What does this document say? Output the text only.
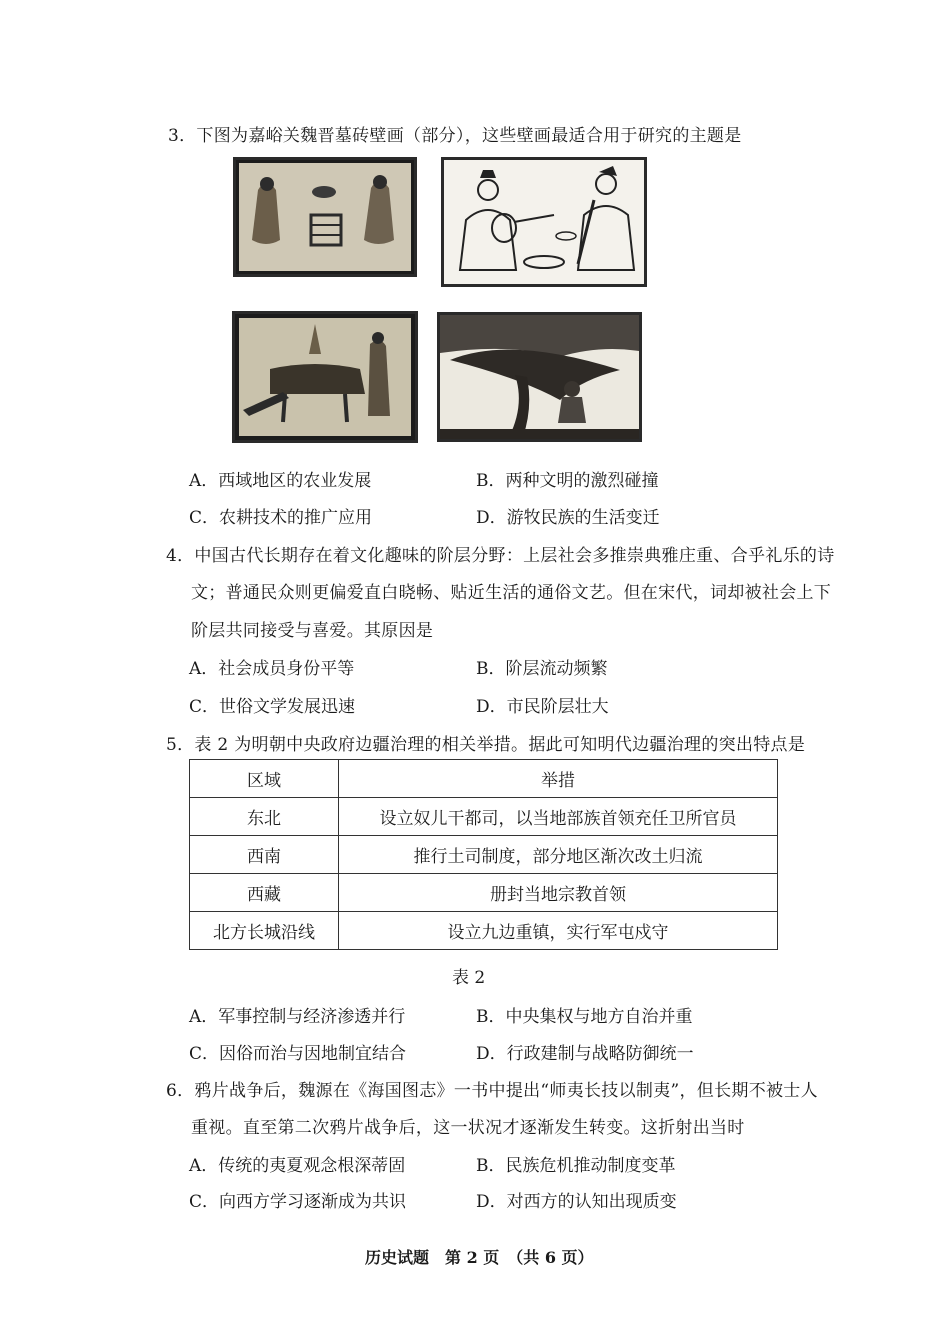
3．下图为嘉峪关魏晋墓砖壁画（部分），这些壁画最适合用于研究的主题是
A．西域地区的农业发展	B．两种文明的激烈碰撞
C．农耕技术的推广应用	D．游牧民族的生活变迁
4．中国古代长期存在着文化趣味的阶层分野：上层社会多推崇典雅庄重、合乎礼乐的诗
文；普通民众则更偏爱直白晓畅、贴近生活的通俗文艺。但在宋代，词却被社会上下
阶层共同接受与喜爱。其原因是
A．社会成员身份平等	B．阶层流动频繁
C．世俗文学发展迅速	D．市民阶层壮大
5．表 2 为明朝中央政府边疆治理的相关举措。据此可知明代边疆治理的突出特点是
区域	举措
东北	设立奴儿干都司，以当地部族首领充任卫所官员
西南	推行土司制度，部分地区渐次改土归流
西藏	册封当地宗教首领
北方长城沿线	设立九边重镇，实行军屯戍守
表 2
A．军事控制与经济渗透并行	B．中央集权与地方自治并重
C．因俗而治与因地制宜结合	D．行政建制与战略防御统一
6．鸦片战争后，魏源在《海国图志》一书中提出“师夷长技以制夷”，但长期不被士人
重视。直至第二次鸦片战争后，这一状况才逐渐发生转变。这折射出当时
A．传统的夷夏观念根深蒂固	B．民族危机推动制度变革
C．向西方学习逐渐成为共识	D．对西方的认知出现质变
历史试题　第 2 页　（共 6 页）
